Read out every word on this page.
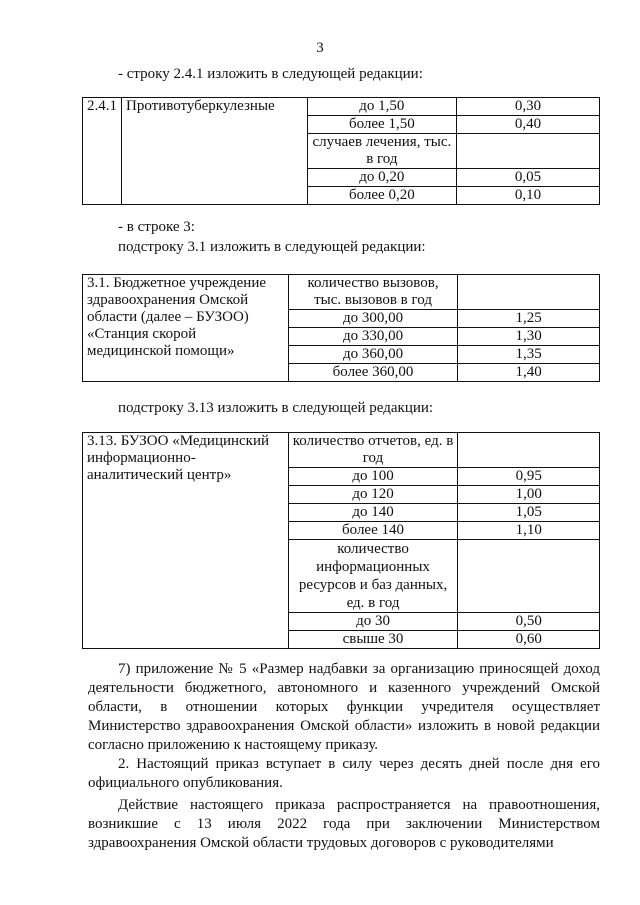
3
- строку 2.4.1 изложить в следующей редакции:
2.4.1	Противотуберкулезные	до 1,50	0,30
		более 1,50	0,40
		случаев лечения, тыс. в год	
		до 0,20	0,05
		более 0,20	0,10
- в строке 3:
подстроку 3.1 изложить в следующей редакции:
3.1. Бюджетное учреждение здравоохранения Омской области (далее – БУЗОО) «Станция скорой медицинской помощи»	количество вызовов, тыс. вызовов в год	
	до 300,00	1,25
	до 330,00	1,30
	до 360,00	1,35
	более 360,00	1,40
подстроку 3.13 изложить в следующей редакции:
3.13. БУЗОО «Медицинский информационно-аналитический центр»	количество отчетов, ед. в год	
	до 100	0,95
	до 120	1,00
	до 140	1,05
	более 140	1,10
	количество информационных ресурсов и баз данных, ед. в год	
	до 30	0,50
	свыше 30	0,60
7) приложение № 5 «Размер надбавки за организацию приносящей доход деятельности бюджетного, автономного и казенного учреждений Омской области, в отношении которых функции учредителя осуществляет Министерство здравоохранения Омской области» изложить в новой редакции согласно приложению к настоящему приказу.
2. Настоящий приказ вступает в силу через десять дней после дня его официального опубликования.
Действие настоящего приказа распространяется на правоотношения, возникшие с 13 июля 2022 года при заключении Министерством здравоохранения Омской области трудовых договоров с руководителями
